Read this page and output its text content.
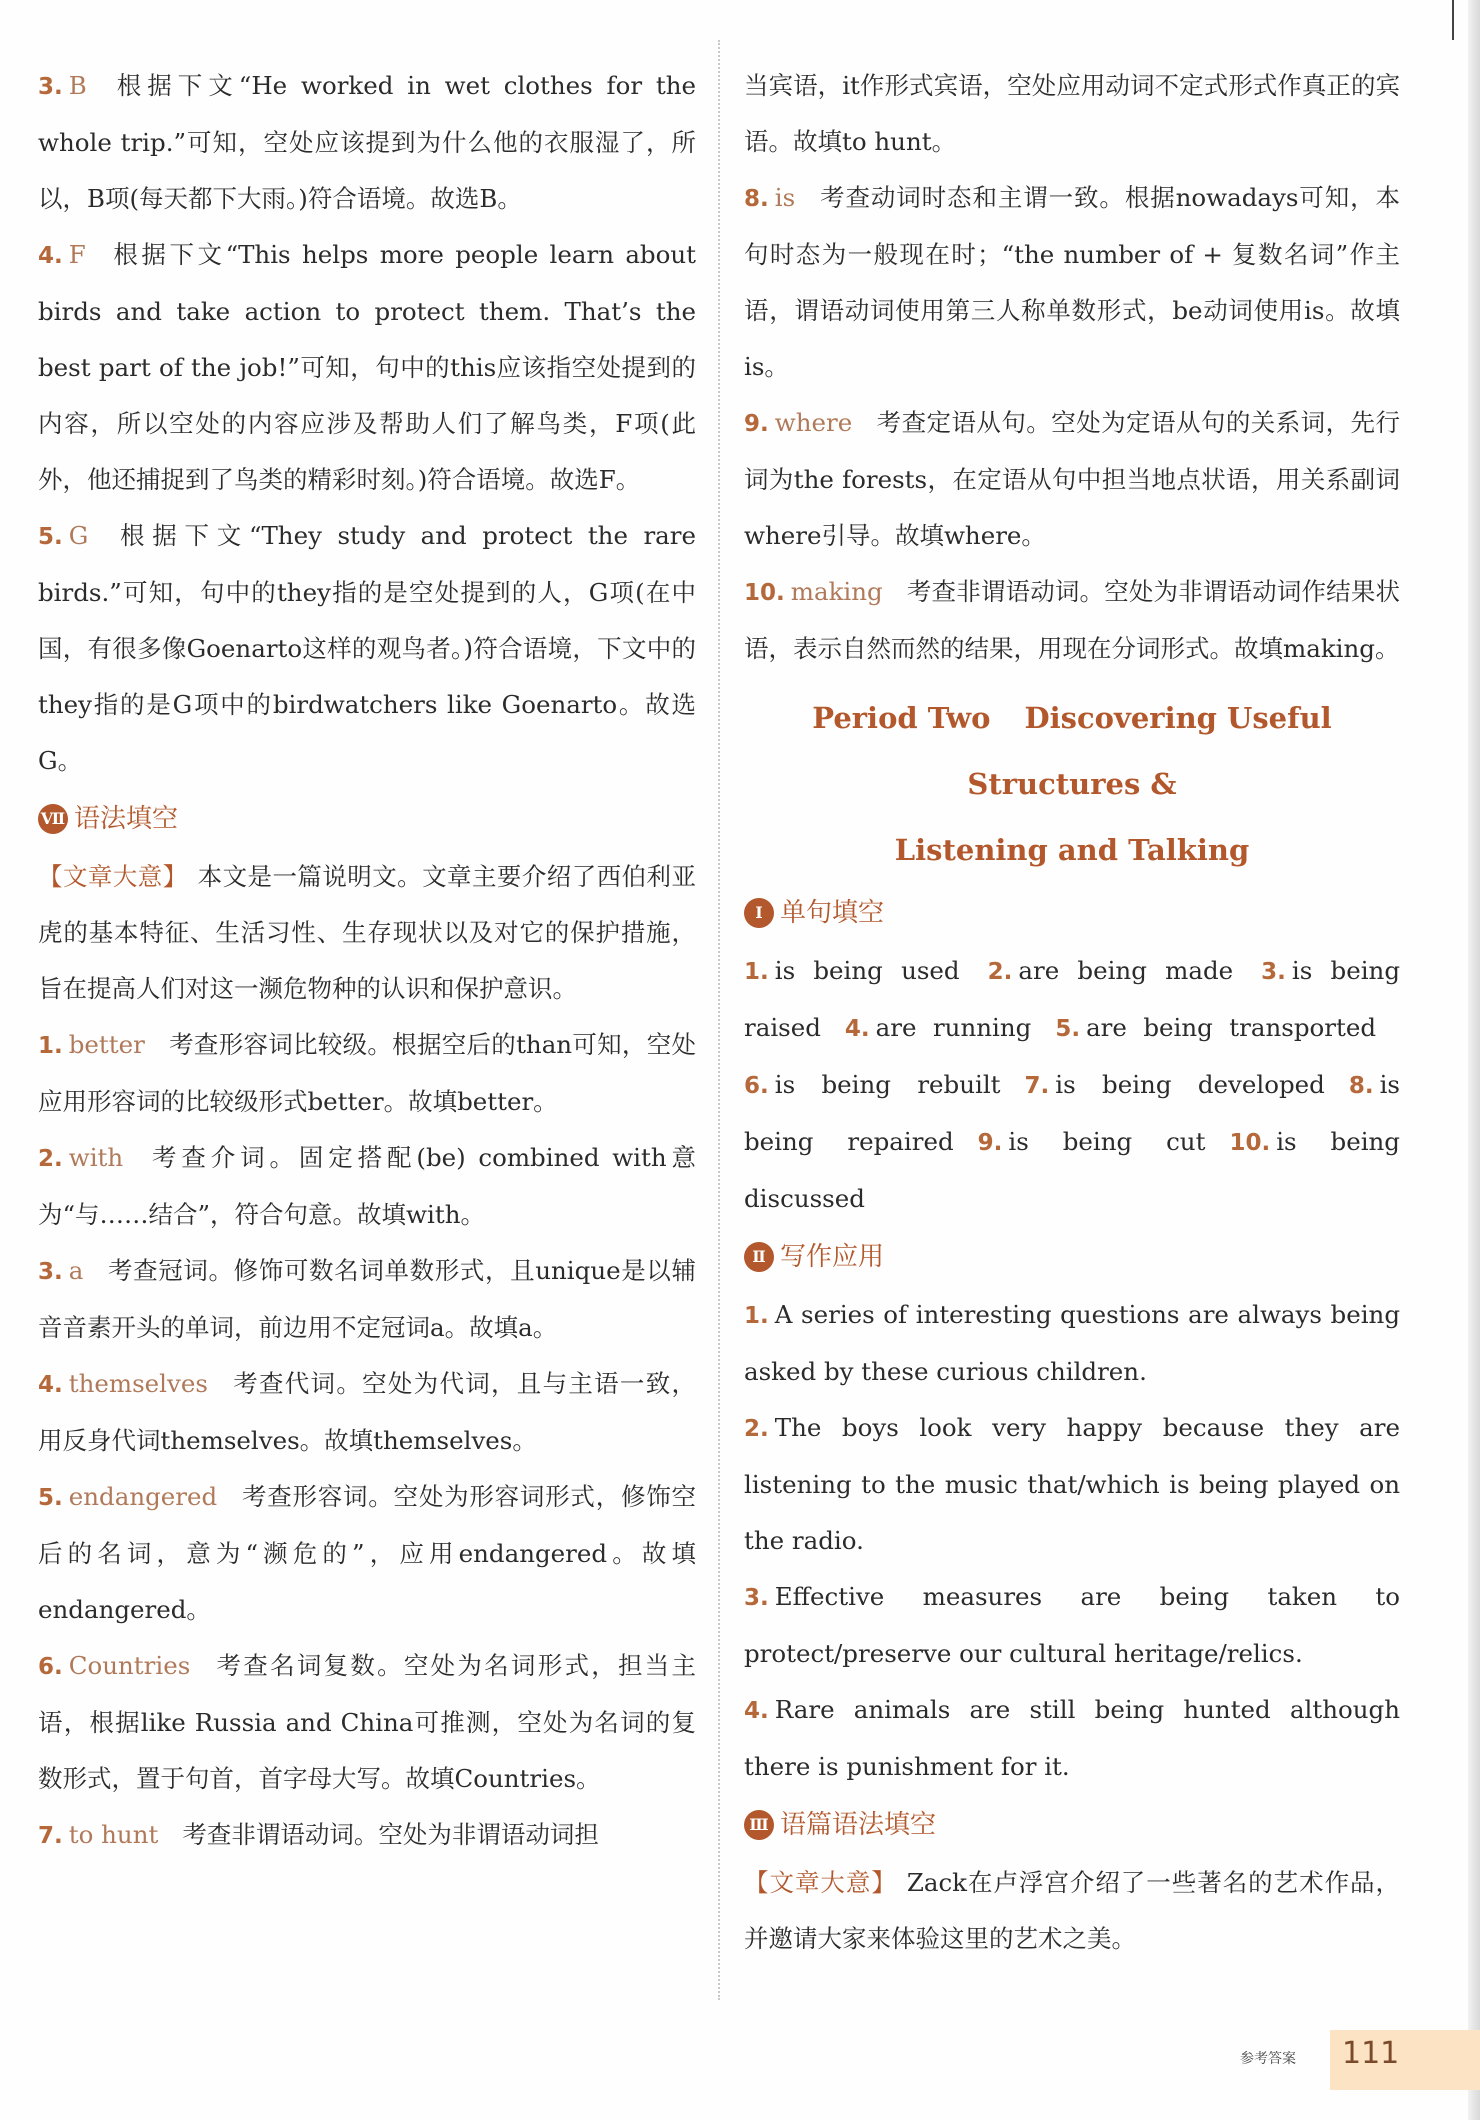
3. B 根据下文“He worked in wet clothes for the whole trip.”可知，空处应该提到为什么他的衣服湿了，所以，B项(每天都下大雨。)符合语境。故选B。

4. F 根据下文“This helps more people learn about birds and take action to protect them. That’s the best part of the job!”可知，句中的this应该指空处提到的内容，所以空处的内容应涉及帮助人们了解鸟类，F项(此外，他还捕捉到了鸟类的精彩时刻。)符合语境。故选F。

5. G 根据下文“They study and protect the rare birds.”可知，句中的they指的是空处提到的人，G项(在中国，有很多像Goenarto这样的观鸟者。)符合语境，下文中的they指的是G项中的birdwatchers like Goenarto。故选G。

Ⅶ 语法填空

【文章大意】 本文是一篇说明文。文章主要介绍了西伯利亚虎的基本特征、生活习性、生存现状以及对它的保护措施，旨在提高人们对这一濒危物种的认识和保护意识。

1. better 考查形容词比较级。根据空后的than可知，空处应用形容词的比较级形式better。故填better。

2. with 考查介词。固定搭配(be) combined with意为“与……结合”，符合句意。故填with。

3. a 考查冠词。修饰可数名词单数形式，且unique是以辅音音素开头的单词，前边用不定冠词a。故填a。

4. themselves 考查代词。空处为代词，且与主语一致，用反身代词themselves。故填themselves。

5. endangered 考查形容词。空处为形容词形式，修饰空后的名词，意为“濒危的”，应用endangered。故填endangered。

6. Countries 考查名词复数。空处为名词形式，担当主语，根据like Russia and China可推测，空处为名词的复数形式，置于句首，首字母大写。故填Countries。

7. to hunt 考查非谓语动词。空处为非谓语动词担

当宾语，it作形式宾语，空处应用动词不定式形式作真正的宾语。故填to hunt。

8. is 考查动词时态和主谓一致。根据nowadays可知，本句时态为一般现在时；“the number of + 复数名词”作主语，谓语动词使用第三人称单数形式，be动词使用is。故填is。

9. where 考查定语从句。空处为定语从句的关系词，先行词为the forests，在定语从句中担当地点状语，用关系副词where引导。故填where。

10. making 考查非谓语动词。空处为非谓语动词作结果状语，表示自然而然的结果，用现在分词形式。故填making。

Period Two Discovering Useful Structures &
Listening and Talking
Ⅰ 单句填空

1. is being used 2. are being made 3. is being raised 4. are running 5. are being transported6. is being rebuilt 7. is being developed 8. is being repaired 9. is being cut 10. is being discussed

Ⅱ 写作应用

1. A series of interesting questions are always being asked by these curious children.

2. The boys look very happy because they are listening to the music that/which is being played on the radio.

3. Effective measures are being taken to protect/preserve our cultural heritage/relics.

4. Rare animals are still being hunted although there is punishment for it.

Ⅲ 语篇语法填空

【文章大意】 Zack在卢浮宫介绍了一些著名的艺术作品，并邀请大家来体验这里的艺术之美。

参考答案 111
